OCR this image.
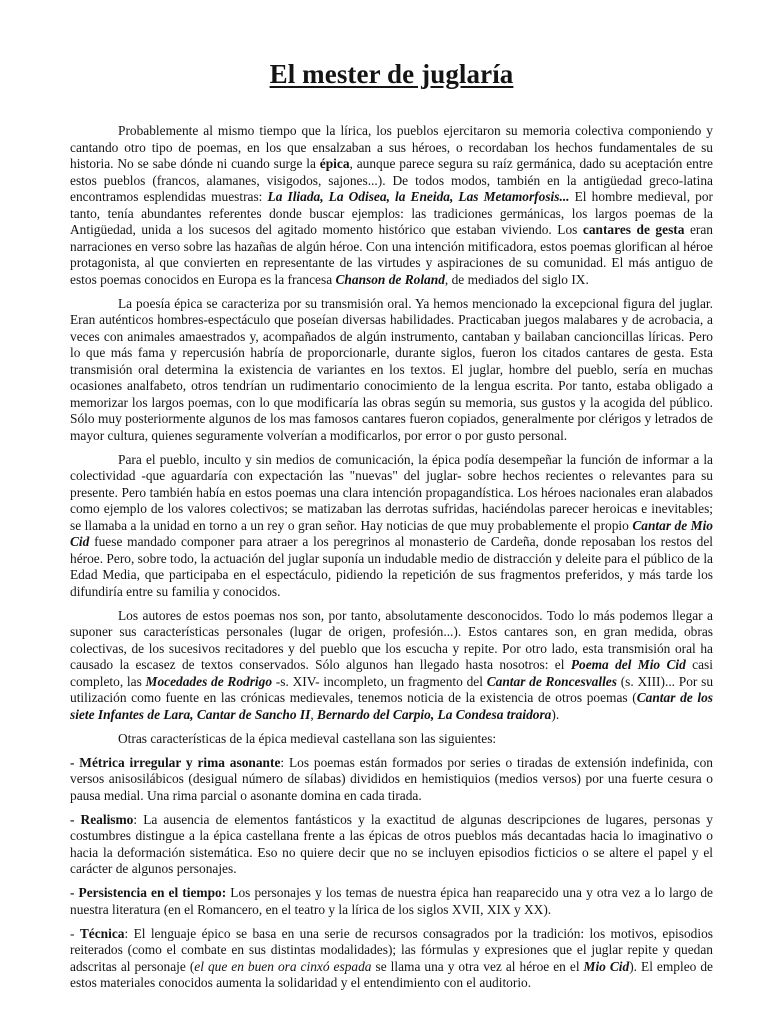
El mester de juglaría

Probablemente al mismo tiempo que la lírica, los pueblos ejercitaron su memoria colectiva componiendo y cantando otro tipo de poemas, en los que ensalzaban a sus héroes, o recordaban los hechos fundamentales de su historia. No se sabe dónde ni cuando surge la épica, aunque parece segura su raíz germánica, dado su aceptación entre estos pueblos (francos, alamanes, visigodos, sajones...). De todos modos, también en la antigüedad greco-latina encontramos esplendidas muestras: La Iliada, La Odisea, la Eneida, Las Metamorfosis... El hombre medieval, por tanto, tenía abundantes referentes donde buscar ejemplos: las tradiciones germánicas, los largos poemas de la Antigüedad, unida a los sucesos del agitado momento histórico que estaban viviendo. Los cantares de gesta eran narraciones en verso sobre las hazañas de algún héroe. Con una intención mitificadora, estos poemas glorifican al héroe protagonista, al que convierten en representante de las virtudes y aspiraciones de su comunidad. El más antiguo de estos poemas conocidos en Europa es la francesa Chanson de Roland, de mediados del siglo IX.

La poesía épica se caracteriza por su transmisión oral. Ya hemos mencionado la excepcional figura del juglar. Eran auténticos hombres-espectáculo que poseían diversas habilidades. Practicaban juegos malabares y de acrobacia, a veces con animales amaestrados y, acompañados de algún instrumento, cantaban y bailaban cancioncillas líricas. Pero lo que más fama y repercusión habría de proporcionarle, durante siglos, fueron los citados cantares de gesta. Esta transmisión oral determina la existencia de variantes en los textos. El juglar, hombre del pueblo, sería en muchas ocasiones analfabeto, otros tendrían un rudimentario conocimiento de la lengua escrita. Por tanto, estaba obligado a memorizar los largos poemas, con lo que modificaría las obras según su memoria, sus gustos y la acogida del público. Sólo muy posteriormente algunos de los mas famosos cantares fueron copiados, generalmente por clérigos y letrados de mayor cultura, quienes seguramente volverían a modificarlos, por error o por gusto personal.

Para el pueblo, inculto y sin medios de comunicación, la épica podía desempeñar la función de informar a la colectividad -que aguardaría con expectación las "nuevas" del juglar- sobre hechos recientes o relevantes para su presente. Pero también había en estos poemas una clara intención propagandística. Los héroes nacionales eran alabados como ejemplo de los valores colectivos; se matizaban las derrotas sufridas, haciéndolas parecer heroicas e inevitables; se llamaba a la unidad en torno a un rey o gran señor. Hay noticias de que muy probablemente el propio Cantar de Mio Cid fuese mandado componer para atraer a los peregrinos al monasterio de Cardeña, donde reposaban los restos del héroe. Pero, sobre todo, la actuación del juglar suponía un indudable medio de distracción y deleite para el público de la Edad Media, que participaba en el espectáculo, pidiendo la repetición de sus fragmentos preferidos, y más tarde los difundiría entre su familia y conocidos.

Los autores de estos poemas nos son, por tanto, absolutamente desconocidos. Todo lo más podemos llegar a suponer sus características personales (lugar de origen, profesión...). Estos cantares son, en gran medida, obras colectivas, de los sucesivos recitadores y del pueblo que los escucha y repite. Por otro lado, esta transmisión oral ha causado la escasez de textos conservados. Sólo algunos han llegado hasta nosotros: el Poema del Mio Cid casi completo, las Mocedades de Rodrigo -s. XIV- incompleto, un fragmento del Cantar de Roncesvalles (s. XIII)... Por su utilización como fuente en las crónicas medievales, tenemos noticia de la existencia de otros poemas (Cantar de los siete Infantes de Lara, Cantar de Sancho II, Bernardo del Carpio, La Condesa traidora).

Otras características de la épica medieval castellana son las siguientes:

- Métrica irregular y rima asonante: Los poemas están formados por series o tiradas de extensión indefinida, con versos anisosilábicos (desigual número de sílabas) divididos en hemistiquios (medios versos) por una fuerte cesura o pausa medial. Una rima parcial o asonante domina en cada tirada.

- Realismo: La ausencia de elementos fantásticos y la exactitud de algunas descripciones de lugares, personas y costumbres distingue a la épica castellana frente a las épicas de otros pueblos más decantadas hacia lo imaginativo o hacia la deformación sistemática. Eso no quiere decir que no se incluyen episodios ficticios o se altere el papel y el carácter de algunos personajes.

- Persistencia en el tiempo: Los personajes y los temas de nuestra épica han reaparecido una y otra vez a lo largo de nuestra literatura (en el Romancero, en el teatro y la lírica de los siglos XVII, XIX y XX).

- Técnica: El lenguaje épico se basa en una serie de recursos consagrados por la tradición: los motivos, episodios reiterados (como el combate en sus distintas modalidades); las fórmulas y expresiones que el juglar repite y quedan adscritas al personaje (el que en buen ora cinxó espada se llama una y otra vez al héroe en el Mio Cid). El empleo de estos materiales conocidos aumenta la solidaridad y el entendimiento con el auditorio.
